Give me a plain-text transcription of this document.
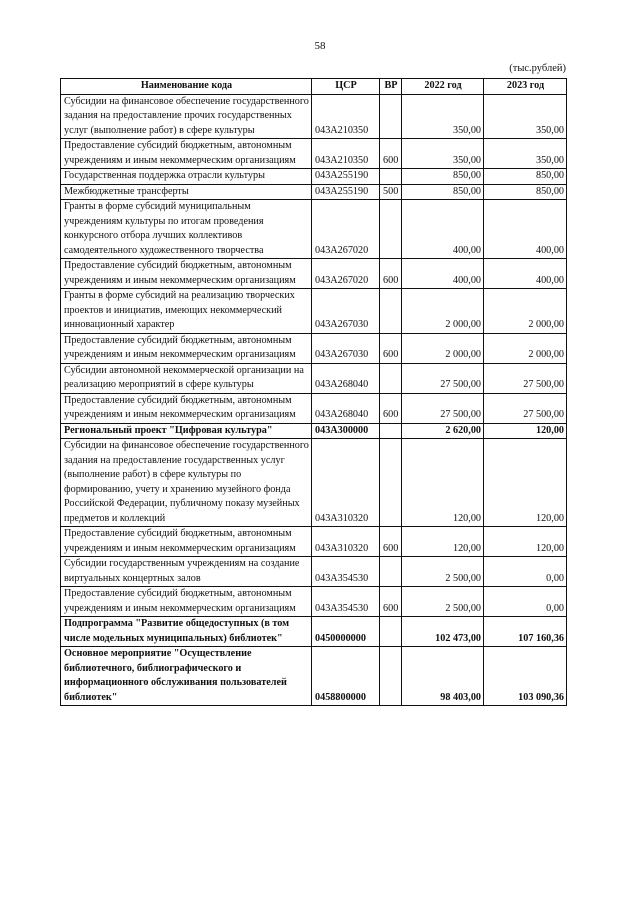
58
(тыс.рублей)
Наименование кода	ЦСР	ВР	2022 год	2023 год
Субсидии на финансовое обеспечение государственного задания на предоставление прочих государственных услуг (выполнение работ) в сфере культуры	043A210350		350,00	350,00
Предоставление субсидий бюджетным, автономным учреждениям и иным некоммерческим организациям	043A210350	600	350,00	350,00
Государственная поддержка отрасли культуры	043A255190		850,00	850,00
Межбюджетные трансферты	043A255190	500	850,00	850,00
Гранты в форме субсидий муниципальным учреждениям культуры по итогам проведения конкурсного отбора лучших коллективов самодеятельного художественного творчества	043A267020		400,00	400,00
Предоставление субсидий бюджетным, автономным учреждениям и иным некоммерческим организациям	043A267020	600	400,00	400,00
Гранты в форме субсидий на реализацию творческих проектов и инициатив, имеющих некоммерческий инновационный характер	043A267030		2 000,00	2 000,00
Предоставление субсидий бюджетным, автономным учреждениям и иным некоммерческим организациям	043A267030	600	2 000,00	2 000,00
Субсидии автономной некоммерческой организации на реализацию мероприятий в сфере культуры	043A268040		27 500,00	27 500,00
Предоставление субсидий бюджетным, автономным учреждениям и иным некоммерческим организациям	043A268040	600	27 500,00	27 500,00
Региональный проект "Цифровая культура"	043A300000		2 620,00	120,00
Субсидии на финансовое обеспечение государственного задания на предоставление государственных услуг (выполнение работ) в сфере культуры по формированию, учету и хранению музейного фонда Российской Федерации, публичному показу музейных предметов и коллекций	043A310320		120,00	120,00
Предоставление субсидий бюджетным, автономным учреждениям и иным некоммерческим организациям	043A310320	600	120,00	120,00
Субсидии государственным учреждениям на создание виртуальных концертных залов	043A354530		2 500,00	0,00
Предоставление субсидий бюджетным, автономным учреждениям и иным некоммерческим организациям	043A354530	600	2 500,00	0,00
Подпрограмма "Развитие общедоступных (в том числе модельных муниципальных) библиотек"	0450000000		102 473,00	107 160,36
Основное мероприятие "Осуществление библиотечного, библиографического и информационного обслуживания пользователей библиотек"	0458800000		98 403,00	103 090,36
